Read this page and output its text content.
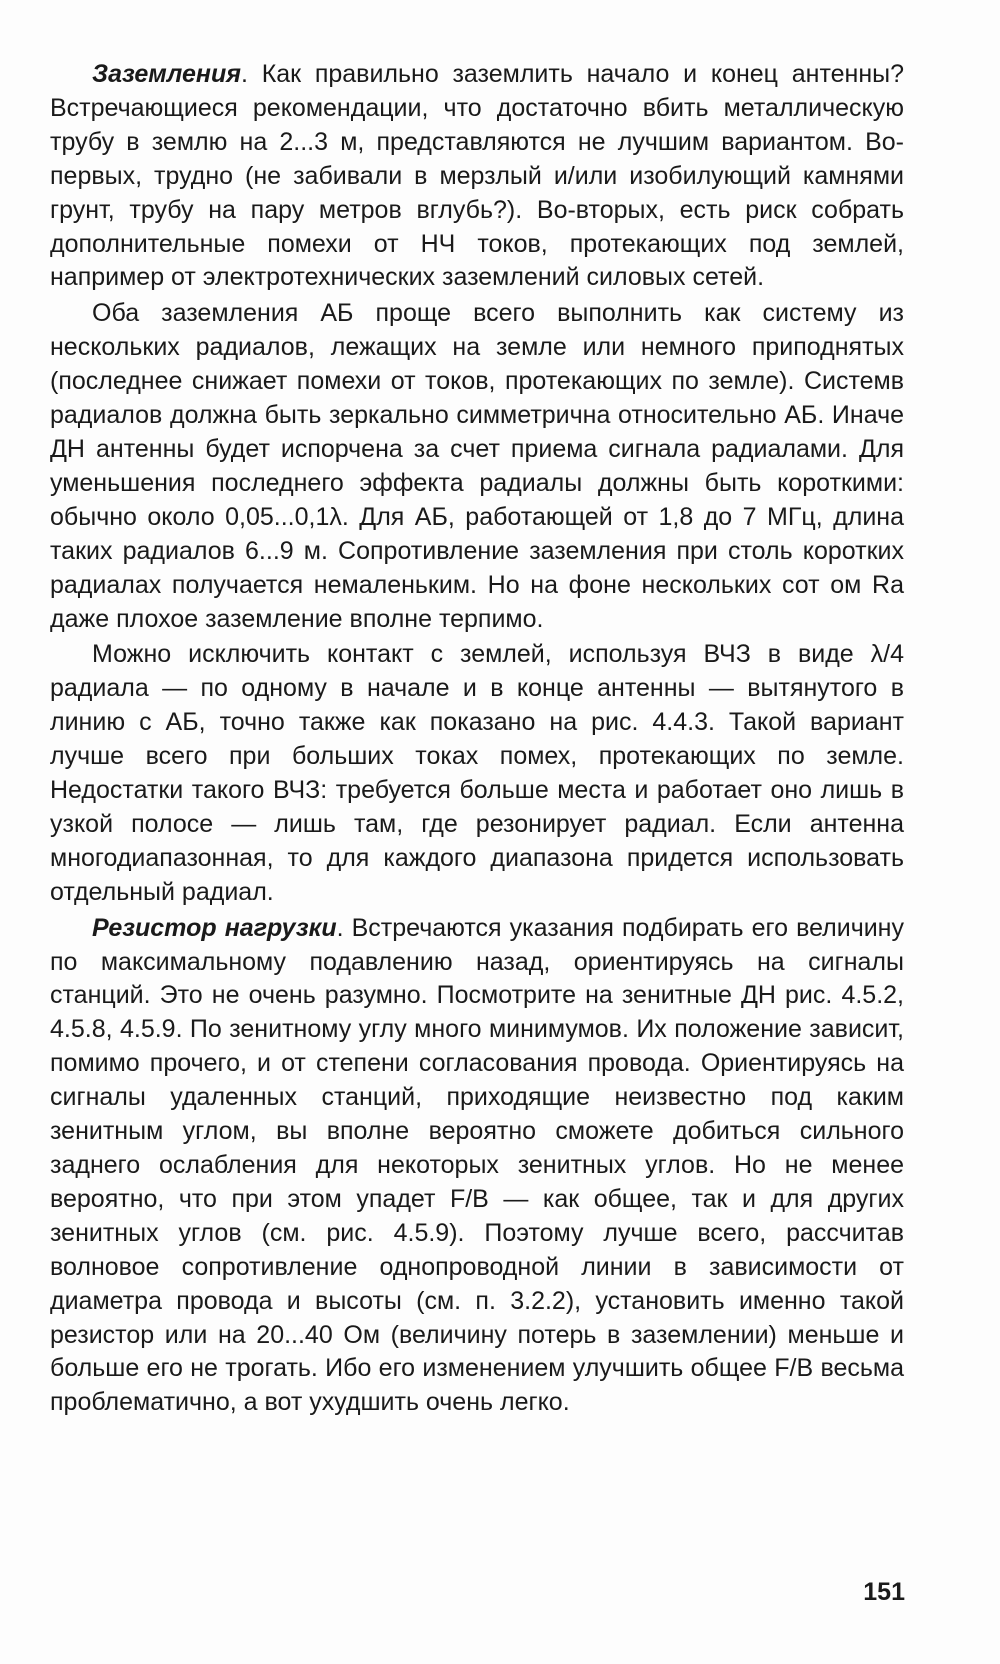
Заземления. Как правильно заземлить начало и конец антенны? Встречающиеся рекомендации, что достаточно вбить металлическую трубу в землю на 2...3 м, представляются не лучшим вариантом. Во-первых, трудно (не забивали в мерзлый и/или изобилующий камнями грунт, трубу на пару метров вглубь?). Во-вторых, есть риск собрать дополнительные помехи от НЧ токов, протекающих под землей, например от электротехнических заземлений силовых сетей.

Оба заземления АБ проще всего выполнить как систему из нескольких радиалов, лежащих на земле или немного приподнятых (последнее снижает помехи от токов, протекающих по земле). Системв радиалов должна быть зеркально симметрична относительно АБ. Иначе ДН антенны будет испорчена за счет приема сигнала радиалами. Для уменьшения последнего эффекта радиалы должны быть короткими: обычно около 0,05...0,1λ. Для АБ, работающей от 1,8 до 7 МГц, длина таких радиалов 6...9 м. Сопротивление заземления при столь коротких радиалах получается немаленьким. Но на фоне нескольких сот ом Ra даже плохое заземление вполне терпимо.

Можно исключить контакт с землей, используя ВЧЗ в виде λ/4 радиала — по одному в начале и в конце антенны — вытянутого в линию с АБ, точно также как показано на рис. 4.4.3. Такой вариант лучше всего при больших токах помех, протекающих по земле. Недостатки такого ВЧЗ: требуется больше места и работает оно лишь в узкой полосе — лишь там, где резонирует радиал. Если антенна многодиапазонная, то для каждого диапазона придется использовать отдельный радиал.

Резистор нагрузки. Встречаются указания подбирать его величину по максимальному подавлению назад, ориентируясь на сигналы станций. Это не очень разумно. Посмотрите на зенитные ДН рис. 4.5.2, 4.5.8, 4.5.9. По зенитному углу много минимумов. Их положение зависит, помимо прочего, и от степени согласования провода. Ориентируясь на сигналы удаленных станций, приходящие неизвестно под каким зенитным углом, вы вполне вероятно сможете добиться сильного заднего ослабления для некоторых зенитных углов. Но не менее вероятно, что при этом упадет F/B — как общее, так и для других зенитных углов (см. рис. 4.5.9). Поэтому лучше всего, рассчитав волновое сопротивление однопроводной линии в зависимости от диаметра провода и высоты (см. п. 3.2.2), установить именно такой резистор или на 20...40 Ом (величину потерь в заземлении) меньше и больше его не трогать. Ибо его изменением улучшить общее F/B весьма проблематично, а вот ухудшить очень легко.

151
